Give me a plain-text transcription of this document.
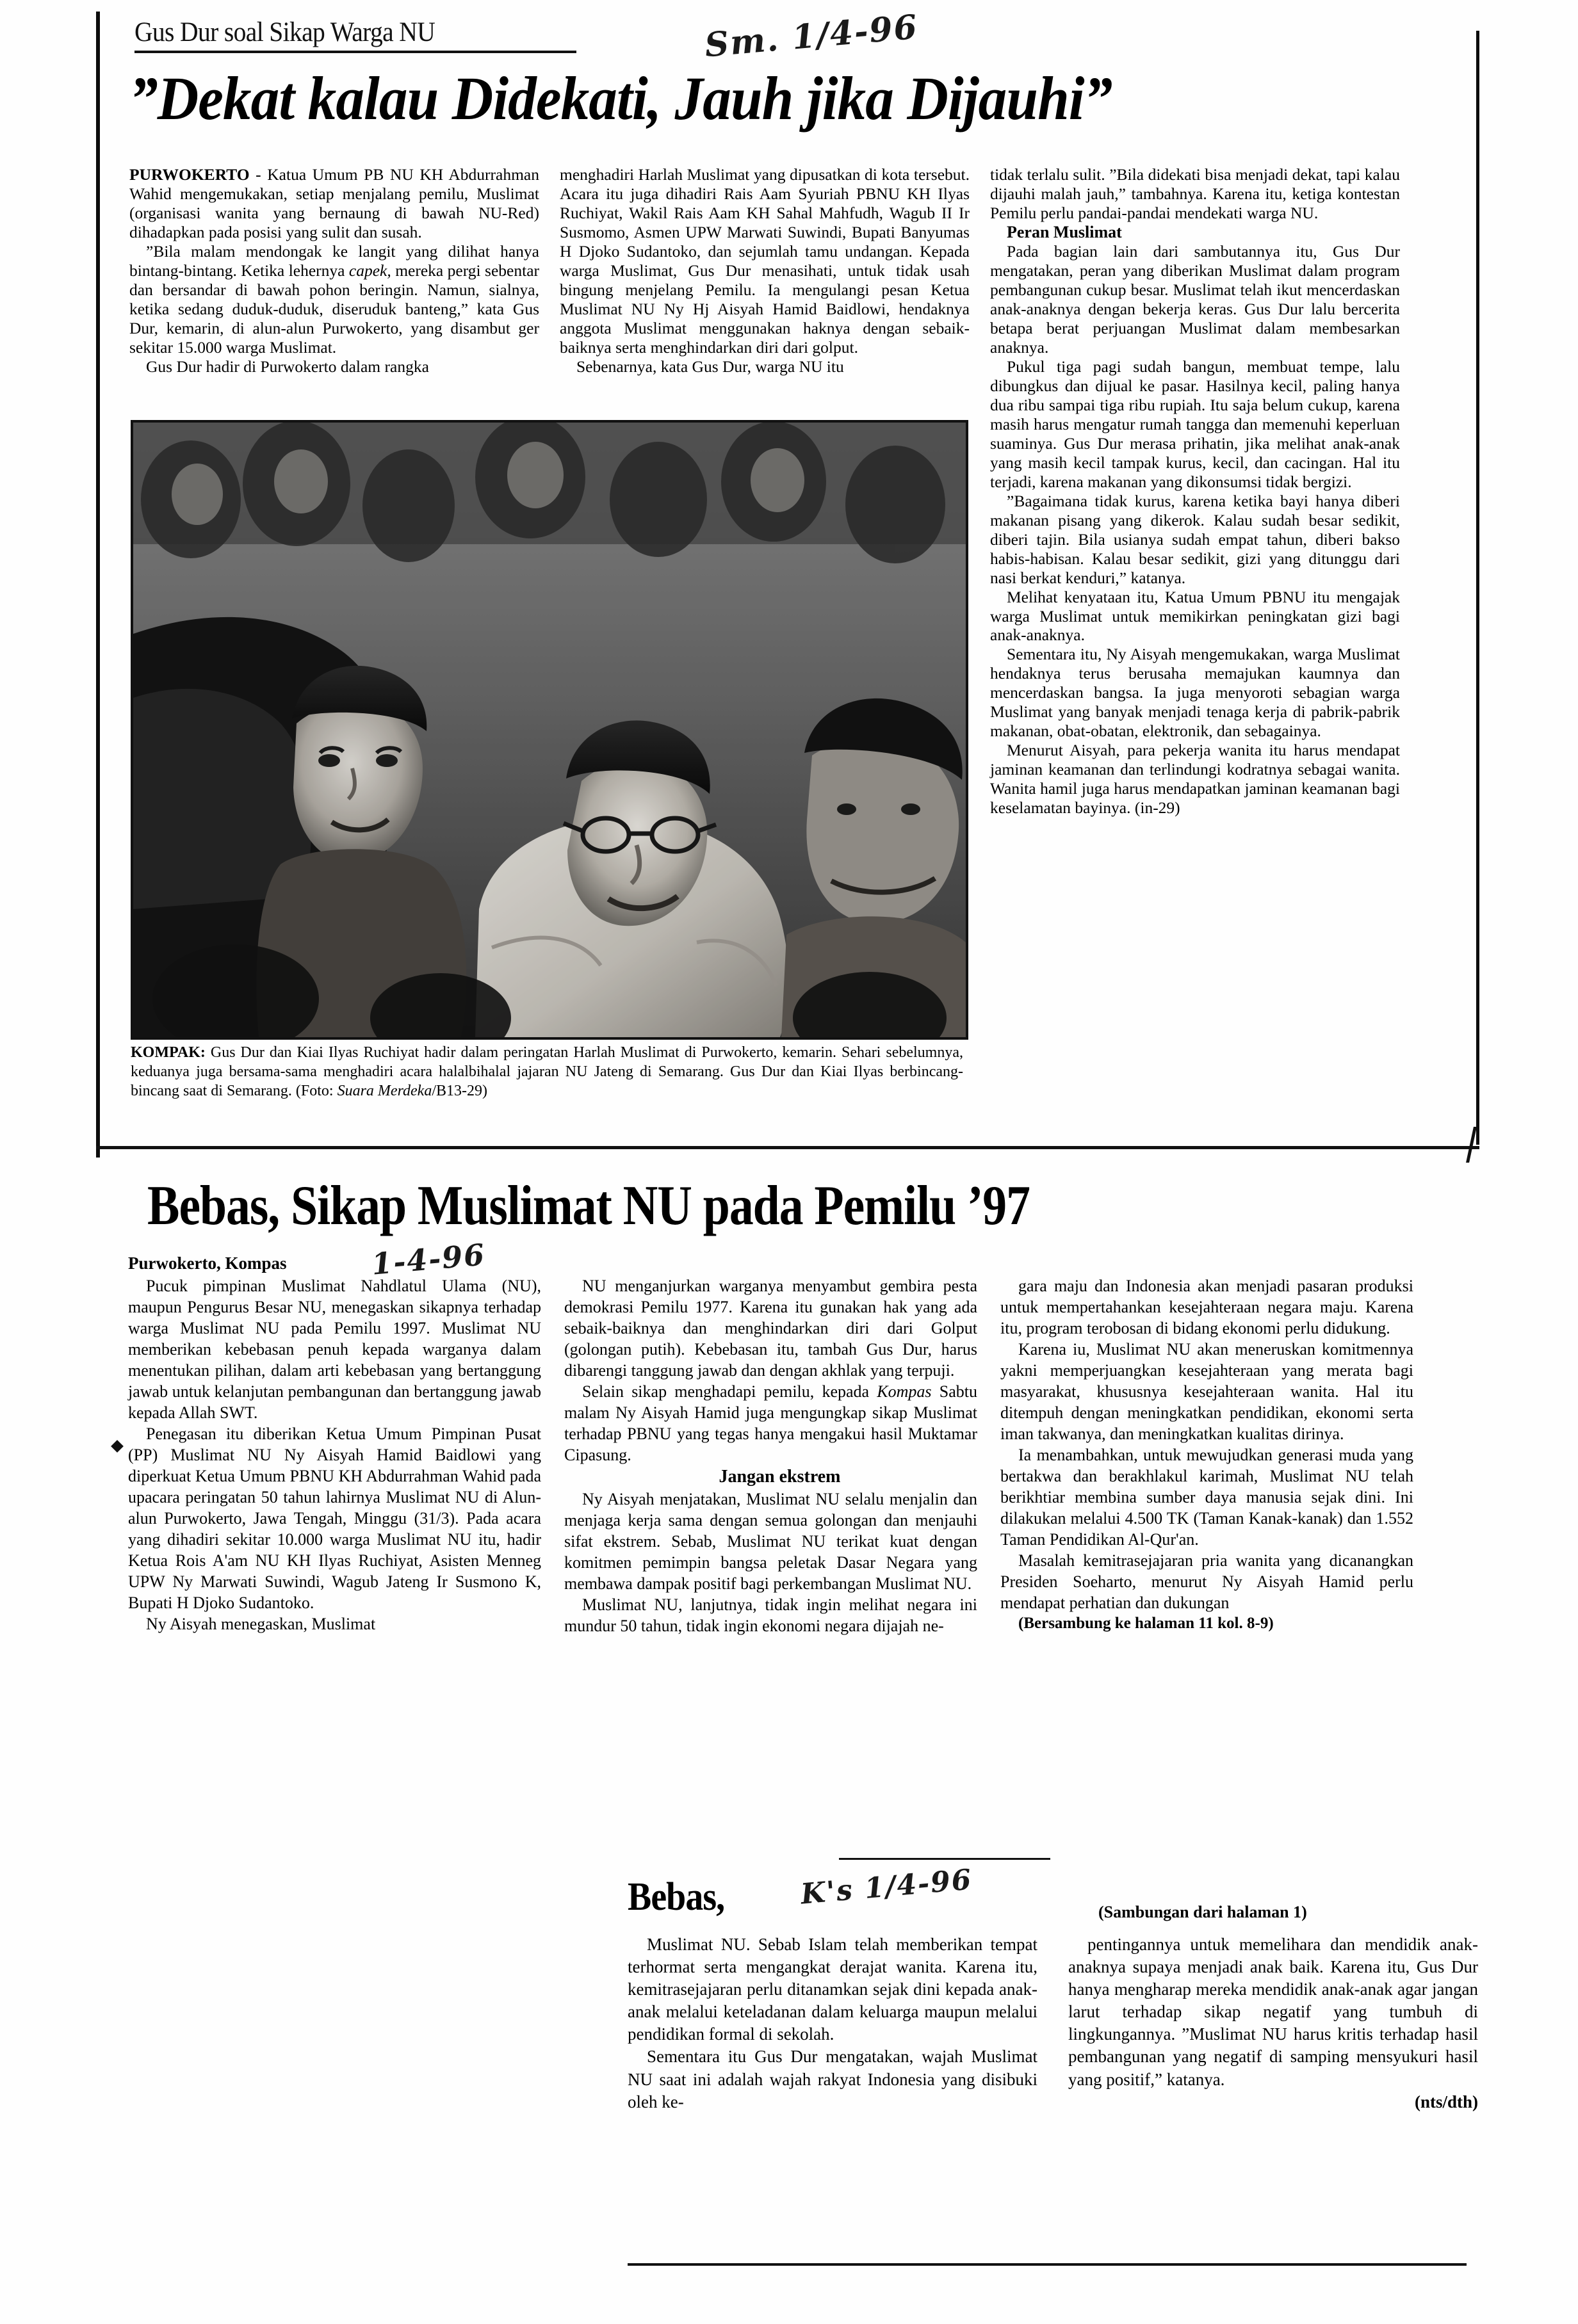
Gus Dur soal Sikap Warga NU	Sm. 1/4-96
”Dekat kalau Didekati, Jauh jika Dijauhi”

PURWOKERTO - Katua Umum PB NU KH Abdurrahman Wahid mengemukakan, setiap menjalang pemilu, Muslimat (organisasi wanita yang bernaung di bawah NU-Red) dihadapkan pada posisi yang sulit dan susah.

”Bila malam mendongak ke langit yang dilihat hanya bintang-bintang. Ketika lehernya capek, mereka pergi sebentar dan bersandar di bawah pohon beringin. Namun, sialnya, ketika sedang duduk-duduk, diseruduk banteng,” kata Gus Dur, kemarin, di alun-alun Purwokerto, yang disambut ger sekitar 15.000 warga Muslimat.

Gus Dur hadir di Purwokerto dalam rangka

menghadiri Harlah Muslimat yang dipusatkan di kota tersebut. Acara itu juga dihadiri Rais Aam Syuriah PBNU KH Ilyas Ruchiyat, Wakil Rais Aam KH Sahal Mahfudh, Wagub II Ir Susmomo, Asmen UPW Marwati Suwindi, Bupati Banyumas H Djoko Sudantoko, dan sejumlah tamu undangan. Kepada warga Muslimat, Gus Dur menasihati, untuk tidak usah bingung menjelang Pemilu. Ia mengulangi pesan Ketua Muslimat NU Ny Hj Aisyah Hamid Baidlowi, hendaknya anggota Muslimat menggunakan haknya dengan sebaik-baiknya serta menghindarkan diri dari golput.

Sebenarnya, kata Gus Dur, warga NU itu

tidak terlalu sulit. ”Bila didekati bisa menjadi dekat, tapi kalau dijauhi malah jauh,” tambahnya. Karena itu, ketiga kontestan Pemilu perlu pandai-pandai mendekati warga NU.

Peran Muslimat

Pada bagian lain dari sambutannya itu, Gus Dur mengatakan, peran yang diberikan Muslimat dalam program pembangunan cukup besar. Muslimat telah ikut mencerdaskan anak-anaknya dengan bekerja keras. Gus Dur lalu bercerita betapa berat perjuangan Muslimat dalam membesarkan anaknya.

Pukul tiga pagi sudah bangun, membuat tempe, lalu dibungkus dan dijual ke pasar. Hasilnya kecil, paling hanya dua ribu sampai tiga ribu rupiah. Itu saja belum cukup, karena masih harus mengatur rumah tangga dan memenuhi keperluan suaminya. Gus Dur merasa prihatin, jika melihat anak-anak yang masih kecil tampak kurus, kecil, dan cacingan. Hal itu terjadi, karena makanan yang dikonsumsi tidak bergizi.

”Bagaimana tidak kurus, karena ketika bayi hanya diberi makanan pisang yang dikerok. Kalau sudah besar sedikit, diberi tajin. Bila usianya sudah empat tahun, diberi bakso habis-habisan. Kalau besar sedikit, gizi yang ditunggu dari nasi berkat kenduri,” katanya.

Melihat kenyataan itu, Katua Umum PBNU itu mengajak warga Muslimat untuk memikirkan peningkatan gizi bagi anak-anaknya.

Sementara itu, Ny Aisyah mengemukakan, warga Muslimat hendaknya terus berusaha memajukan kaumnya dan mencerdaskan bangsa. Ia juga menyoroti sebagian warga Muslimat yang banyak menjadi tenaga kerja di pabrik-pabrik makanan, obat-obatan, elektronik, dan sebagainya.

Menurut Aisyah, para pekerja wanita itu harus mendapat jaminan keamanan dan terlindungi kodratnya sebagai wanita. Wanita hamil juga harus mendapatkan jaminan keamanan bagi keselamatan bayinya. (in-29)

KOMPAK: Gus Dur dan Kiai Ilyas Ruchiyat hadir dalam peringatan Harlah Muslimat di Purwokerto, kemarin. Sehari sebelumnya, keduanya juga bersama-sama menghadiri acara halalbihalal jajaran NU Jateng di Semarang. Gus Dur dan Kiai Ilyas berbincang-bincang saat di Semarang. (Foto: Suara Merdeka/B13-29)
Bebas, Sikap Muslimat NU pada Pemilu ’97
Purwokerto, Kompas	1-4-96

Pucuk pimpinan Muslimat Nahdlatul Ulama (NU), maupun Pengurus Besar NU, menegaskan sikapnya terhadap warga Muslimat NU pada Pemilu 1997. Muslimat NU memberikan kebebasan penuh kepada warganya dalam menentukan pilihan, dalam arti kebebasan yang bertanggung jawab untuk kelanjutan pembangunan dan bertanggung jawab kepada Allah SWT.

Penegasan itu diberikan Ketua Umum Pimpinan Pusat (PP) Muslimat NU Ny Aisyah Hamid Baidlowi yang diperkuat Ketua Umum PBNU KH Abdurrahman Wahid pada upacara peringatan 50 tahun lahirnya Muslimat NU di Alun-alun Purwokerto, Jawa Tengah, Minggu (31/3). Pada acara yang dihadiri sekitar 10.000 warga Muslimat NU itu, hadir Ketua Rois A'am NU KH Ilyas Ruchiyat, Asisten Menneg UPW Ny Marwati Suwindi, Wagub Jateng Ir Susmono K, Bupati H Djoko Sudantoko.

Ny Aisyah menegaskan, Muslimat

NU menganjurkan warganya menyambut gembira pesta demokrasi Pemilu 1977. Karena itu gunakan hak yang ada sebaik-baiknya dan menghindarkan diri dari Golput (golongan putih). Kebebasan itu, tambah Gus Dur, harus dibarengi tanggung jawab dan dengan akhlak yang terpuji.

Selain sikap menghadapi pemilu, kepada Kompas Sabtu malam Ny Aisyah Hamid juga mengungkap sikap Muslimat terhadap PBNU yang tegas hanya mengakui hasil Muktamar Cipasung.

Jangan ekstrem

Ny Aisyah menjatakan, Muslimat NU selalu menjalin dan menjaga kerja sama dengan semua golongan dan menjauhi sifat ekstrem. Sebab, Muslimat NU terikat kuat dengan komitmen pemimpin bangsa peletak Dasar Negara yang membawa dampak positif bagi perkembangan Muslimat NU.

Muslimat NU, lanjutnya, tidak ingin melihat negara ini mundur 50 tahun, tidak ingin ekonomi negara dijajah ne-

gara maju dan Indonesia akan menjadi pasaran produksi untuk mempertahankan kesejahteraan negara maju. Karena itu, program terobosan di bidang ekonomi perlu didukung.

Karena iu, Muslimat NU akan meneruskan komitmennya yakni memperjuangkan kesejahteraan yang merata bagi masyarakat, khususnya kesejahteraan wanita. Hal itu ditempuh dengan meningkatkan pendidikan, ekonomi serta iman takwanya, dan meningkatkan kualitas dirinya.

Ia menambahkan, untuk mewujudkan generasi muda yang bertakwa dan berakhlakul karimah, Muslimat NU telah berikhtiar membina sumber daya manusia sejak dini. Ini dilakukan melalui 4.500 TK (Taman Kanak-kanak) dan 1.552 Taman Pendidikan Al-Qur'an.

Masalah kemitrasejajaran pria wanita yang dicanangkan Presiden Soeharto, menurut Ny Aisyah Hamid perlu mendapat perhatian dan dukungan

(Bersambung ke halaman 11 kol. 8-9)

Bebas,	K's 1/4-96
(Sambungan dari halaman 1)

Muslimat NU. Sebab Islam telah memberikan tempat terhormat serta mengangkat derajat wanita. Karena itu, kemitrasejajaran perlu ditanamkan sejak dini kepada anak-anak melalui keteladanan dalam keluarga maupun melalui pendidikan formal di sekolah.

Sementara itu Gus Dur mengatakan, wajah Muslimat NU saat ini adalah wajah rakyat Indonesia yang disibuki oleh ke-

pentingannya untuk memelihara dan mendidik anak-anaknya supaya menjadi anak baik. Karena itu, Gus Dur hanya mengharap mereka mendidik anak-anak agar jangan larut terhadap sikap negatif yang tumbuh di lingkungannya. ”Muslimat NU harus kritis terhadap hasil pembangunan yang negatif di samping mensyukuri hasil yang positif,” katanya.

(nts/dth)
